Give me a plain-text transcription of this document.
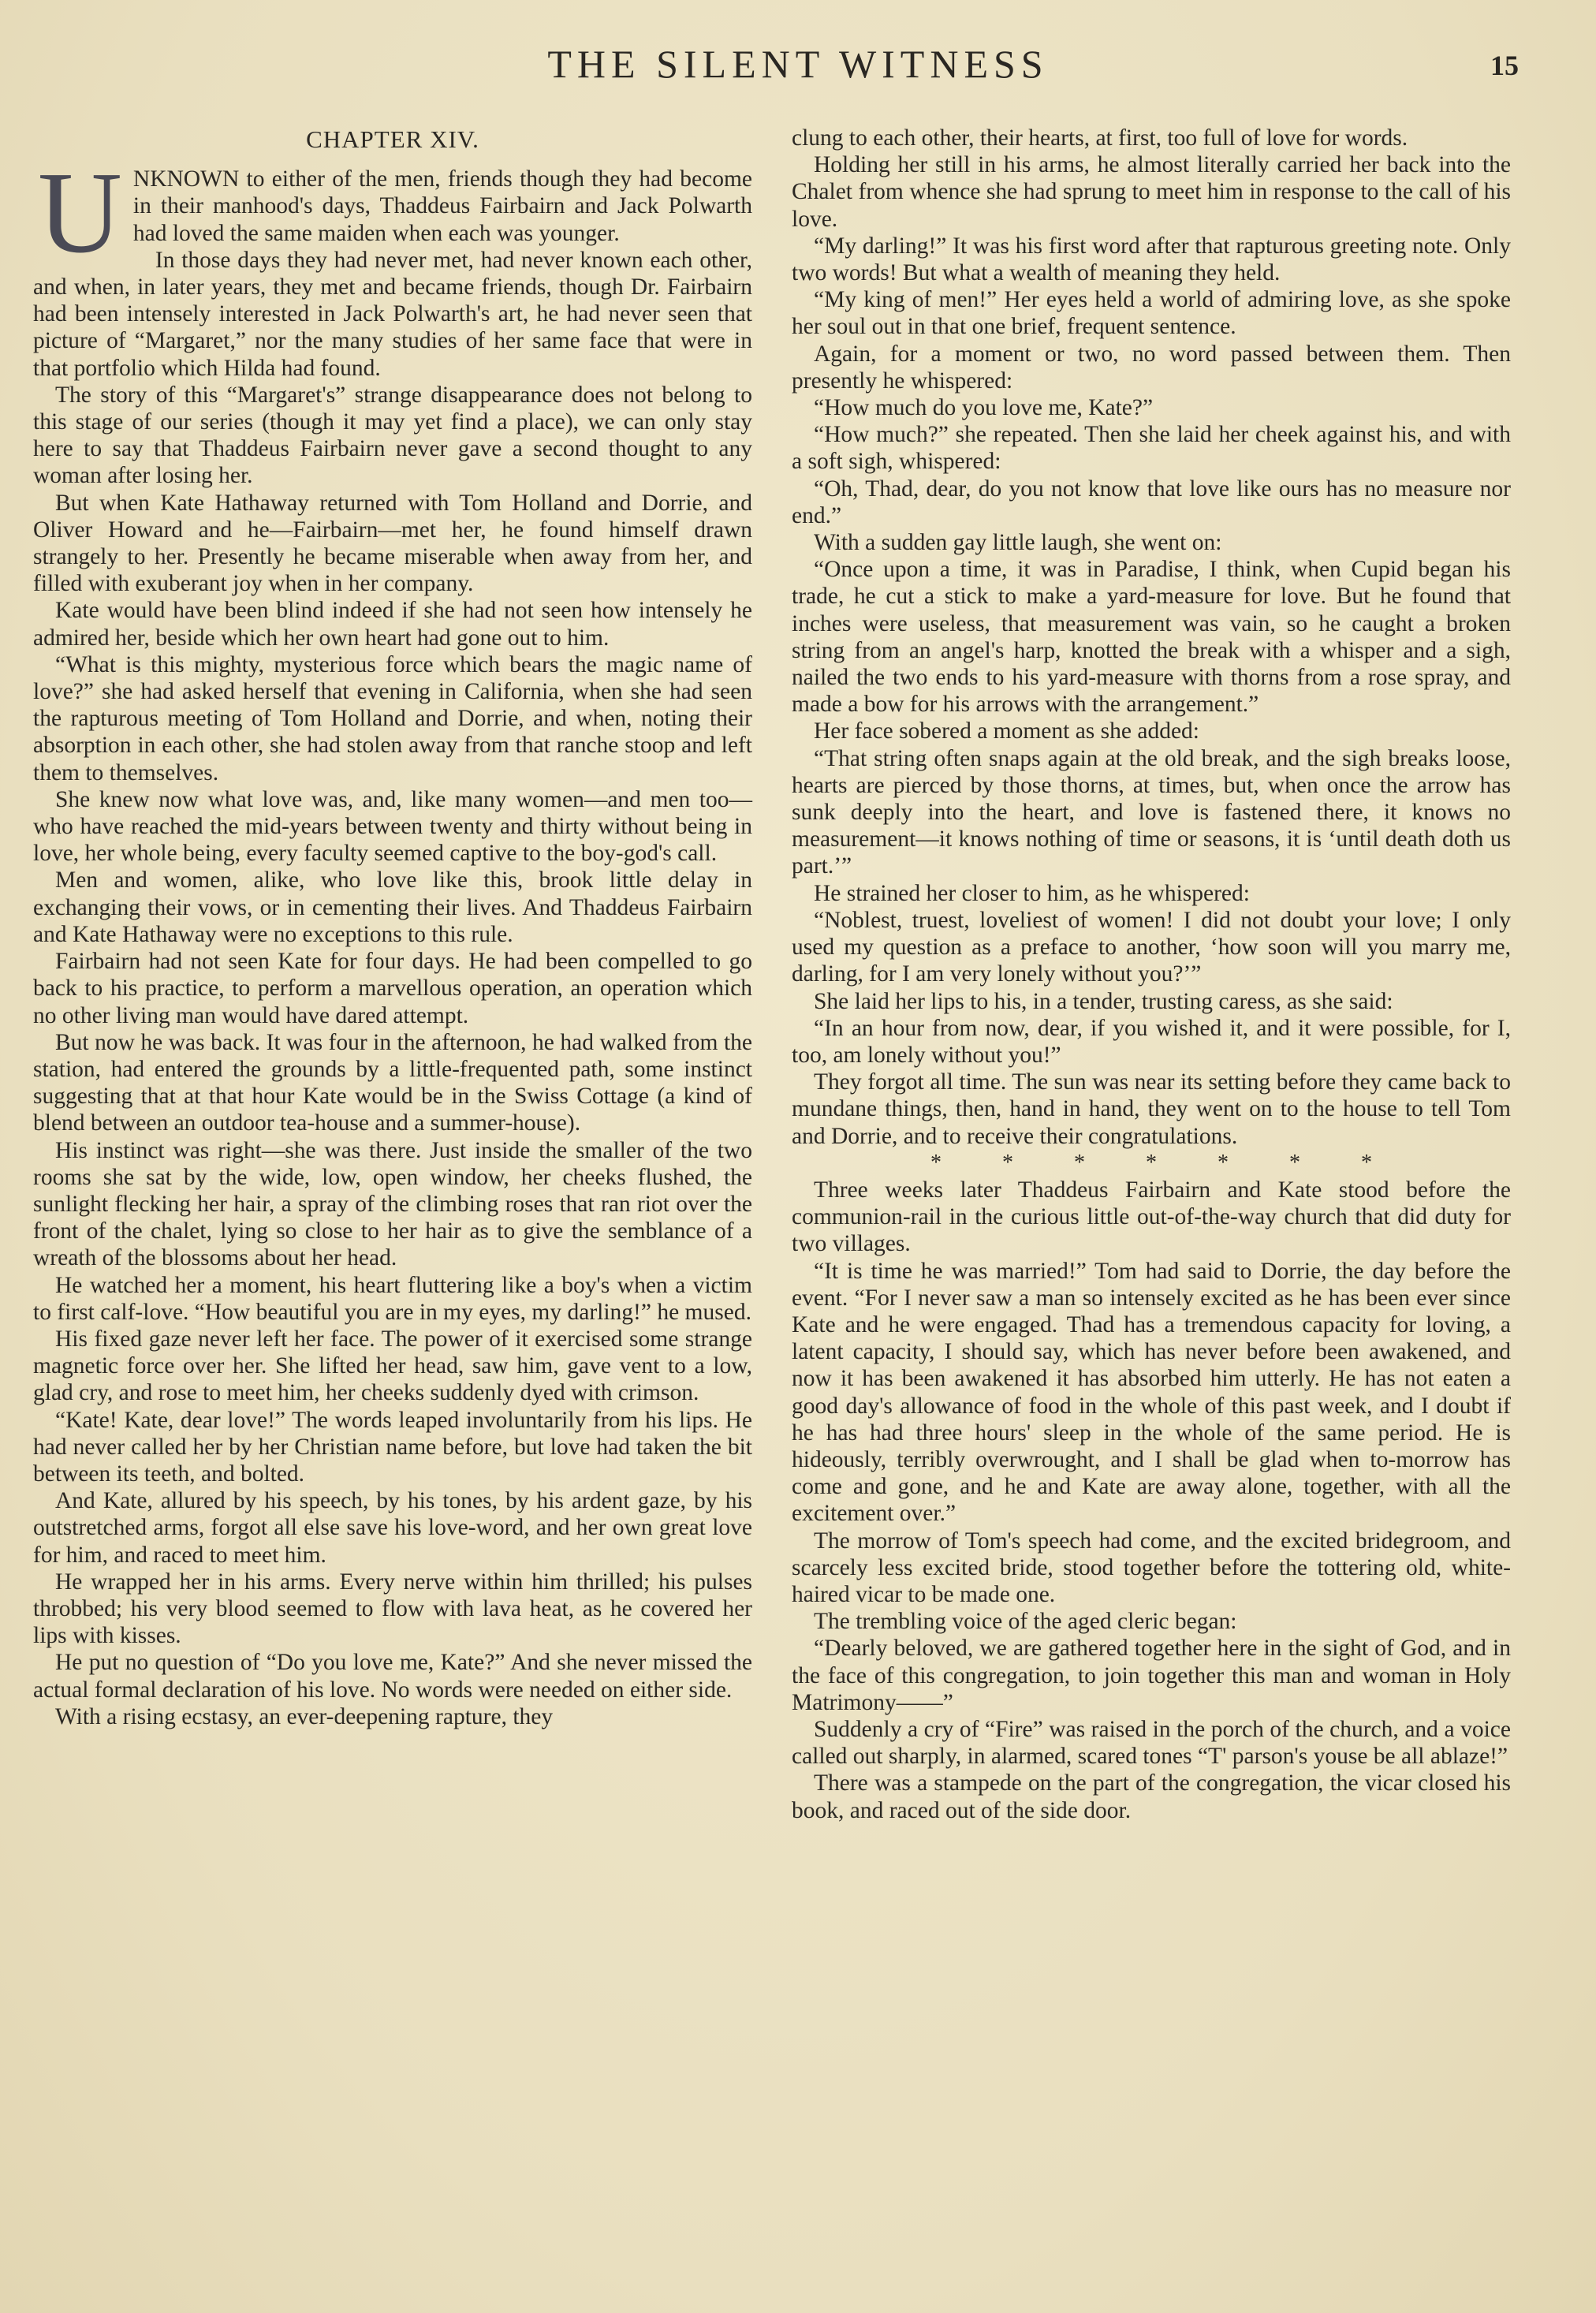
THE SILENT WITNESS	15
CHAPTER XIV.

U NKNOWN to either of the men, friends though they had become in their manhood's days, Thaddeus Fairbairn and Jack Polwarth had loved the same maiden when each was younger.

In those days they had never met, had never known each other, and when, in later years, they met and became friends, though Dr. Fairbairn had been intensely interested in Jack Polwarth's art, he had never seen that picture of “Margaret,” nor the many studies of her same face that were in that portfolio which Hilda had found.

The story of this “Margaret's” strange disappearance does not belong to this stage of our series (though it may yet find a place), we can only stay here to say that Thaddeus Fairbairn never gave a second thought to any woman after losing her.

But when Kate Hathaway returned with Tom Holland and Dorrie, and Oliver Howard and he—Fairbairn—met her, he found himself drawn strangely to her. Presently he became miserable when away from her, and filled with exuberant joy when in her company.

Kate would have been blind indeed if she had not seen how intensely he admired her, beside which her own heart had gone out to him.

“What is this mighty, mysterious force which bears the magic name of love?” she had asked herself that evening in California, when she had seen the rapturous meeting of Tom Holland and Dorrie, and when, noting their absorption in each other, she had stolen away from that ranche stoop and left them to themselves.

She knew now what love was, and, like many women—and men too—who have reached the mid-years between twenty and thirty without being in love, her whole being, every faculty seemed captive to the boy-god's call.

Men and women, alike, who love like this, brook little delay in exchanging their vows, or in cementing their lives. And Thaddeus Fairbairn and Kate Hathaway were no exceptions to this rule.

Fairbairn had not seen Kate for four days. He had been compelled to go back to his practice, to perform a marvellous operation, an operation which no other living man would have dared attempt.

But now he was back. It was four in the afternoon, he had walked from the station, had entered the grounds by a little-frequented path, some instinct suggesting that at that hour Kate would be in the Swiss Cottage (a kind of blend between an outdoor tea-house and a summer-house).

His instinct was right—she was there. Just inside the smaller of the two rooms she sat by the wide, low, open window, her cheeks flushed, the sunlight flecking her hair, a spray of the climbing roses that ran riot over the front of the chalet, lying so close to her hair as to give the semblance of a wreath of the blossoms about her head.

He watched her a moment, his heart fluttering like a boy's when a victim to first calf-love. “How beautiful you are in my eyes, my darling!” he mused.

His fixed gaze never left her face. The power of it exercised some strange magnetic force over her. She lifted her head, saw him, gave vent to a low, glad cry, and rose to meet him, her cheeks suddenly dyed with crimson.

“Kate! Kate, dear love!” The words leaped involuntarily from his lips. He had never called her by her Christian name before, but love had taken the bit between its teeth, and bolted.

And Kate, allured by his speech, by his tones, by his ardent gaze, by his outstretched arms, forgot all else save his love-word, and her own great love for him, and raced to meet him.

He wrapped her in his arms. Every nerve within him thrilled; his pulses throbbed; his very blood seemed to flow with lava heat, as he covered her lips with kisses.

He put no question of “Do you love me, Kate?” And she never missed the actual formal declaration of his love. No words were needed on either side.

With a rising ecstasy, an ever-deepening rapture, they

clung to each other, their hearts, at first, too full of love for words.

Holding her still in his arms, he almost literally carried her back into the Chalet from whence she had sprung to meet him in response to the call of his love.

“My darling!” It was his first word after that rapturous greeting note. Only two words! But what a wealth of meaning they held.

“My king of men!” Her eyes held a world of admiring love, as she spoke her soul out in that one brief, frequent sentence.

Again, for a moment or two, no word passed between them. Then presently he whispered:

“How much do you love me, Kate?”

“How much?” she repeated. Then she laid her cheek against his, and with a soft sigh, whispered:

“Oh, Thad, dear, do you not know that love like ours has no measure nor end.”

With a sudden gay little laugh, she went on:

“Once upon a time, it was in Paradise, I think, when Cupid began his trade, he cut a stick to make a yard-measure for love. But he found that inches were useless, that measurement was vain, so he caught a broken string from an angel's harp, knotted the break with a whisper and a sigh, nailed the two ends to his yard-measure with thorns from a rose spray, and made a bow for his arrows with the arrangement.”

Her face sobered a moment as she added:

“That string often snaps again at the old break, and the sigh breaks loose, hearts are pierced by those thorns, at times, but, when once the arrow has sunk deeply into the heart, and love is fastened there, it knows no measurement—it knows nothing of time or seasons, it is ‘until death doth us part.’”

He strained her closer to him, as he whispered:

“Noblest, truest, loveliest of women! I did not doubt your love; I only used my question as a preface to another, ‘how soon will you marry me, darling, for I am very lonely without you?’”

She laid her lips to his, in a tender, trusting caress, as she said:

“In an hour from now, dear, if you wished it, and it were possible, for I, too, am lonely without you!”

They forgot all time. The sun was near its setting before they came back to mundane things, then, hand in hand, they went on to the house to tell Tom and Dorrie, and to receive their congratulations.

* * * * * * *

Three weeks later Thaddeus Fairbairn and Kate stood before the communion-rail in the curious little out-of-the-way church that did duty for two villages.

“It is time he was married!” Tom had said to Dorrie, the day before the event. “For I never saw a man so intensely excited as he has been ever since Kate and he were engaged. Thad has a tremendous capacity for loving, a latent capacity, I should say, which has never before been awakened, and now it has been awakened it has absorbed him utterly. He has not eaten a good day's allowance of food in the whole of this past week, and I doubt if he has had three hours' sleep in the whole of the same period. He is hideously, terribly overwrought, and I shall be glad when to-morrow has come and gone, and he and Kate are away alone, together, with all the excitement over.”

The morrow of Tom's speech had come, and the excited bridegroom, and scarcely less excited bride, stood together before the tottering old, white-haired vicar to be made one.

The trembling voice of the aged cleric began:

“Dearly beloved, we are gathered together here in the sight of God, and in the face of this congregation, to join together this man and woman in Holy Matrimony——”

Suddenly a cry of “Fire” was raised in the porch of the church, and a voice called out sharply, in alarmed, scared tones “T' parson's youse be all ablaze!”

There was a stampede on the part of the congregation, the vicar closed his book, and raced out of the side door.
